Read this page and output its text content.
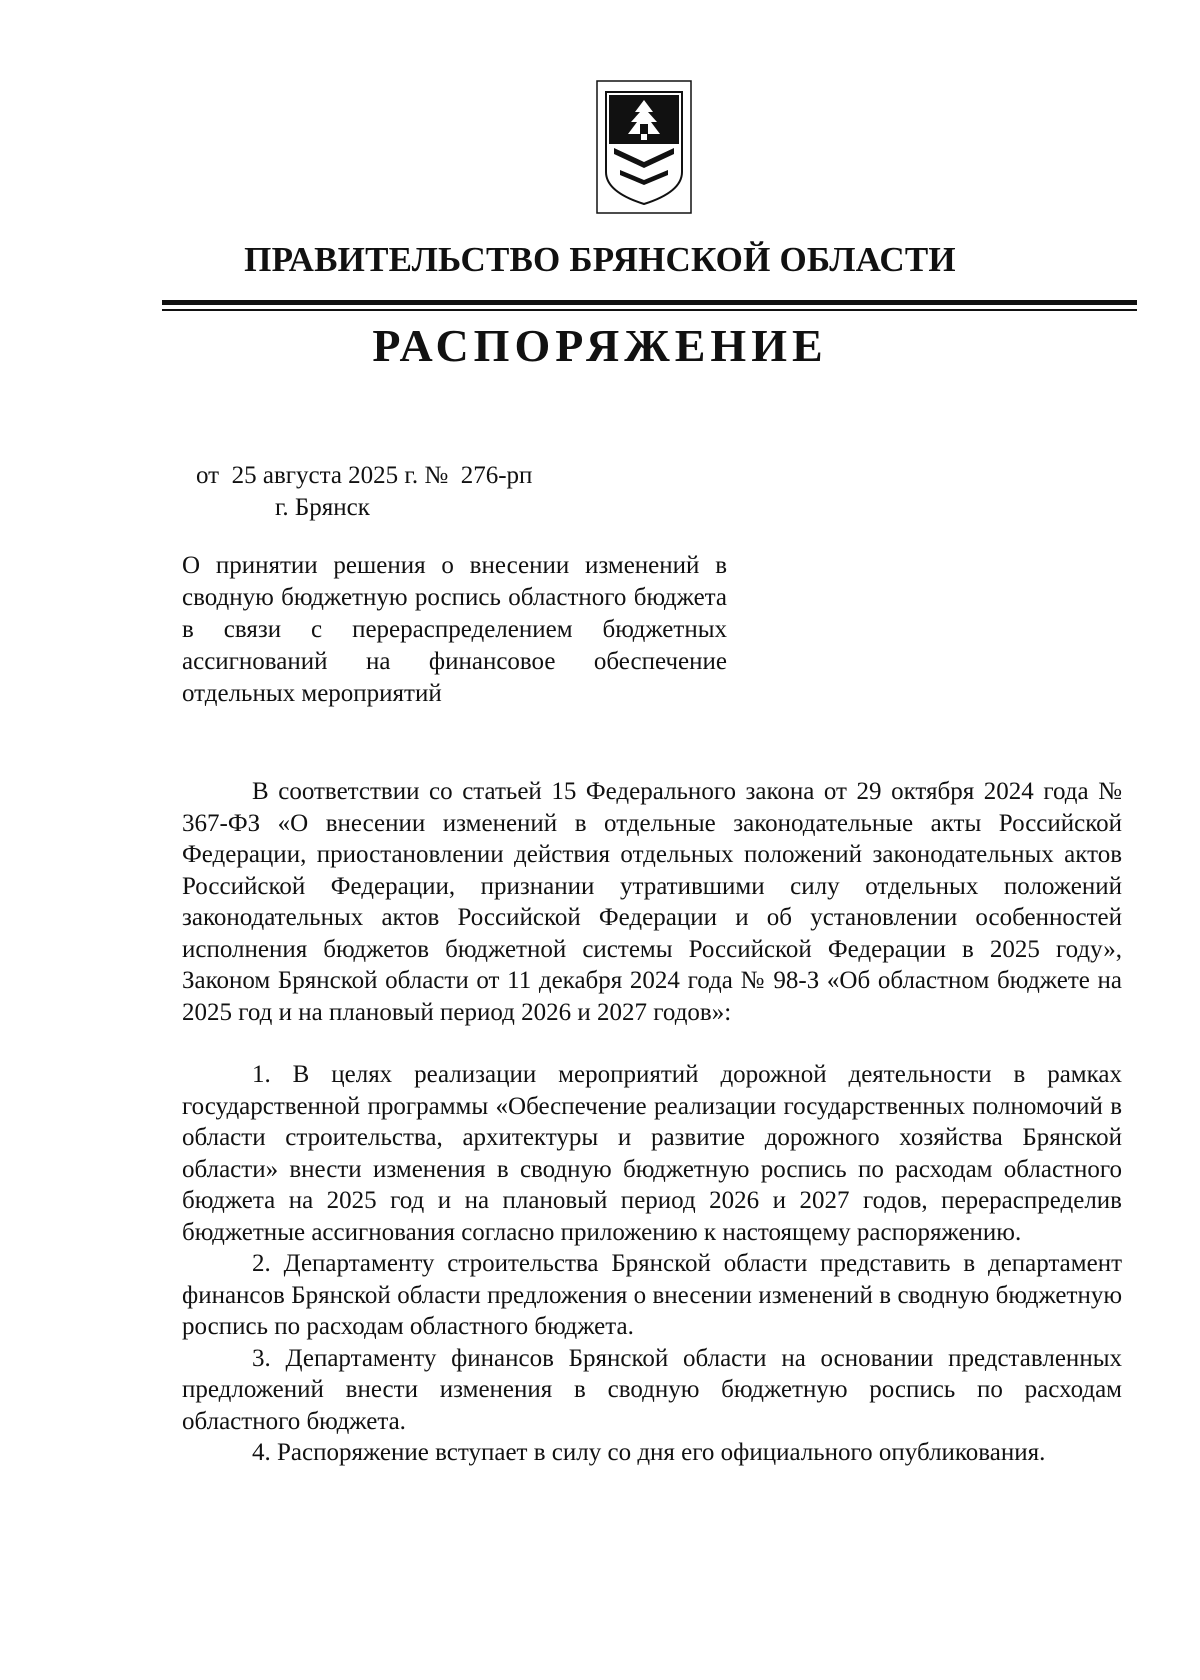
ПРАВИТЕЛЬСТВО БРЯНСКОЙ ОБЛАСТИ
РАСПОРЯЖЕНИЕ
от  25 августа 2025 г. №  276-рп
г. Брянск

О принятии решения о внесении изменений в сводную бюджетную роспись областного бюджета в связи с перераспределением бюджетных ассигнований на финансовое обеспечение отдельных мероприятий

В соответствии со статьей 15 Федерального закона от 29 октября 2024 года № 367-ФЗ «О внесении изменений в отдельные законодательные акты Российской Федерации, приостановлении действия отдельных положений законодательных актов Российской Федерации, признании утратившими силу отдельных положений законодательных актов Российской Федерации и об установлении особенностей исполнения бюджетов бюджетной системы Российской Федерации в 2025 году», Законом Брянской области от 11 декабря 2024 года № 98-З «Об областном бюджете на 2025 год и на плановый период 2026 и 2027 годов»:

1. В целях реализации мероприятий дорожной деятельности в рамках государственной программы «Обеспечение реализации государственных полномочий в области строительства, архитектуры и развитие дорожного хозяйства Брянской области» внести изменения в сводную бюджетную роспись по расходам областного бюджета на 2025 год и на плановый период 2026 и 2027 годов, перераспределив бюджетные ассигнования согласно приложению к настоящему распоряжению.

2. Департаменту строительства Брянской области представить в департамент финансов Брянской области предложения о внесении изменений в сводную бюджетную роспись по расходам областного бюджета.

3. Департаменту финансов Брянской области на основании представленных предложений внести изменения в сводную бюджетную роспись по расходам областного бюджета.

4. Распоряжение вступает в силу со дня его официального опубликования.
